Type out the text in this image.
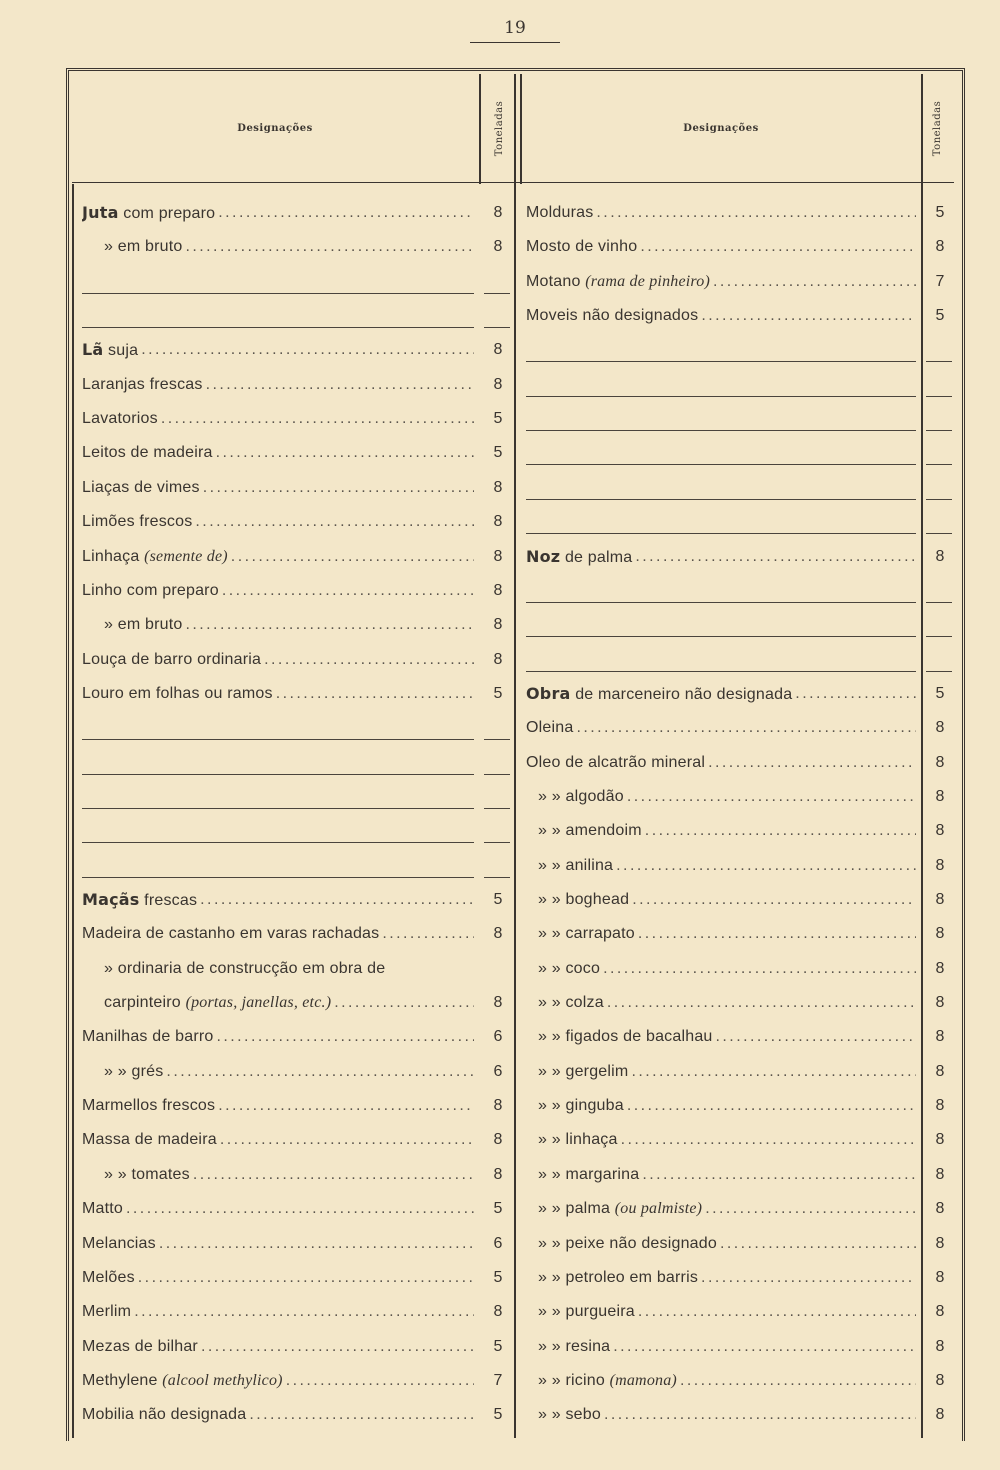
19
Designações	Toneladas	Designações	Toneladas
Juta com preparo . . .	8
» em bruto . . .	8
Lã suja . . .	8
Laranjas frescas . . .	8
Lavatorios . . .	5
Leitos de madeira . . .	5
Liaças de vimes . . .	8
Limões frescos . . .	8
Linhaça (semente de) . . .	8
Linho com preparo . . .	8
» em bruto . . .	8
Louça de barro ordinaria . . .	8
Louro em folhas ou ramos . . .	5
Maçãs frescas . . .	5
Madeira de castanho em varas rachadas . . .	8
» ordinaria de construcção em obra de
carpinteiro (portas, janellas, etc.) . . .	8
Manilhas de barro . . .	6
» » grés . . .	6
Marmellos frescos . . .	8
Massa de madeira . . .	8
» » tomates . . .	8
Matto . . .	5
Melancias . . .	6
Melões . . .	5
Merlim . . .	8
Mezas de bilhar . . .	5
Methylene (alcool methylico) . . .	7
Mobilia não designada . . .	5
Molduras . . .	5
Mosto de vinho . . .	8
Motano (rama de pinheiro) . . .	7
Moveis não designados . . .	5
Noz de palma . . .	8
Obra de marceneiro não designada . . .	5
Oleina . . .	8
Oleo de alcatrão mineral . . .	8
» » algodão . . .	8
» » amendoim . . .	8
» » anilina . . .	8
» » boghead . . .	8
» » carrapato . . .	8
» » coco . . .	8
» » colza . . .	8
» » figados de bacalhau . . .	8
» » gergelim . . .	8
» » ginguba . . .	8
» » linhaça . . .	8
» » margarina . . .	8
» » palma (ou palmiste) . . .	8
» » peixe não designado . . .	8
» » petroleo em barris . . .	8
» » purgueira . . .	8
» » resina . . .	8
» » ricino (mamona) . . .	8
» » sebo . . .	8
